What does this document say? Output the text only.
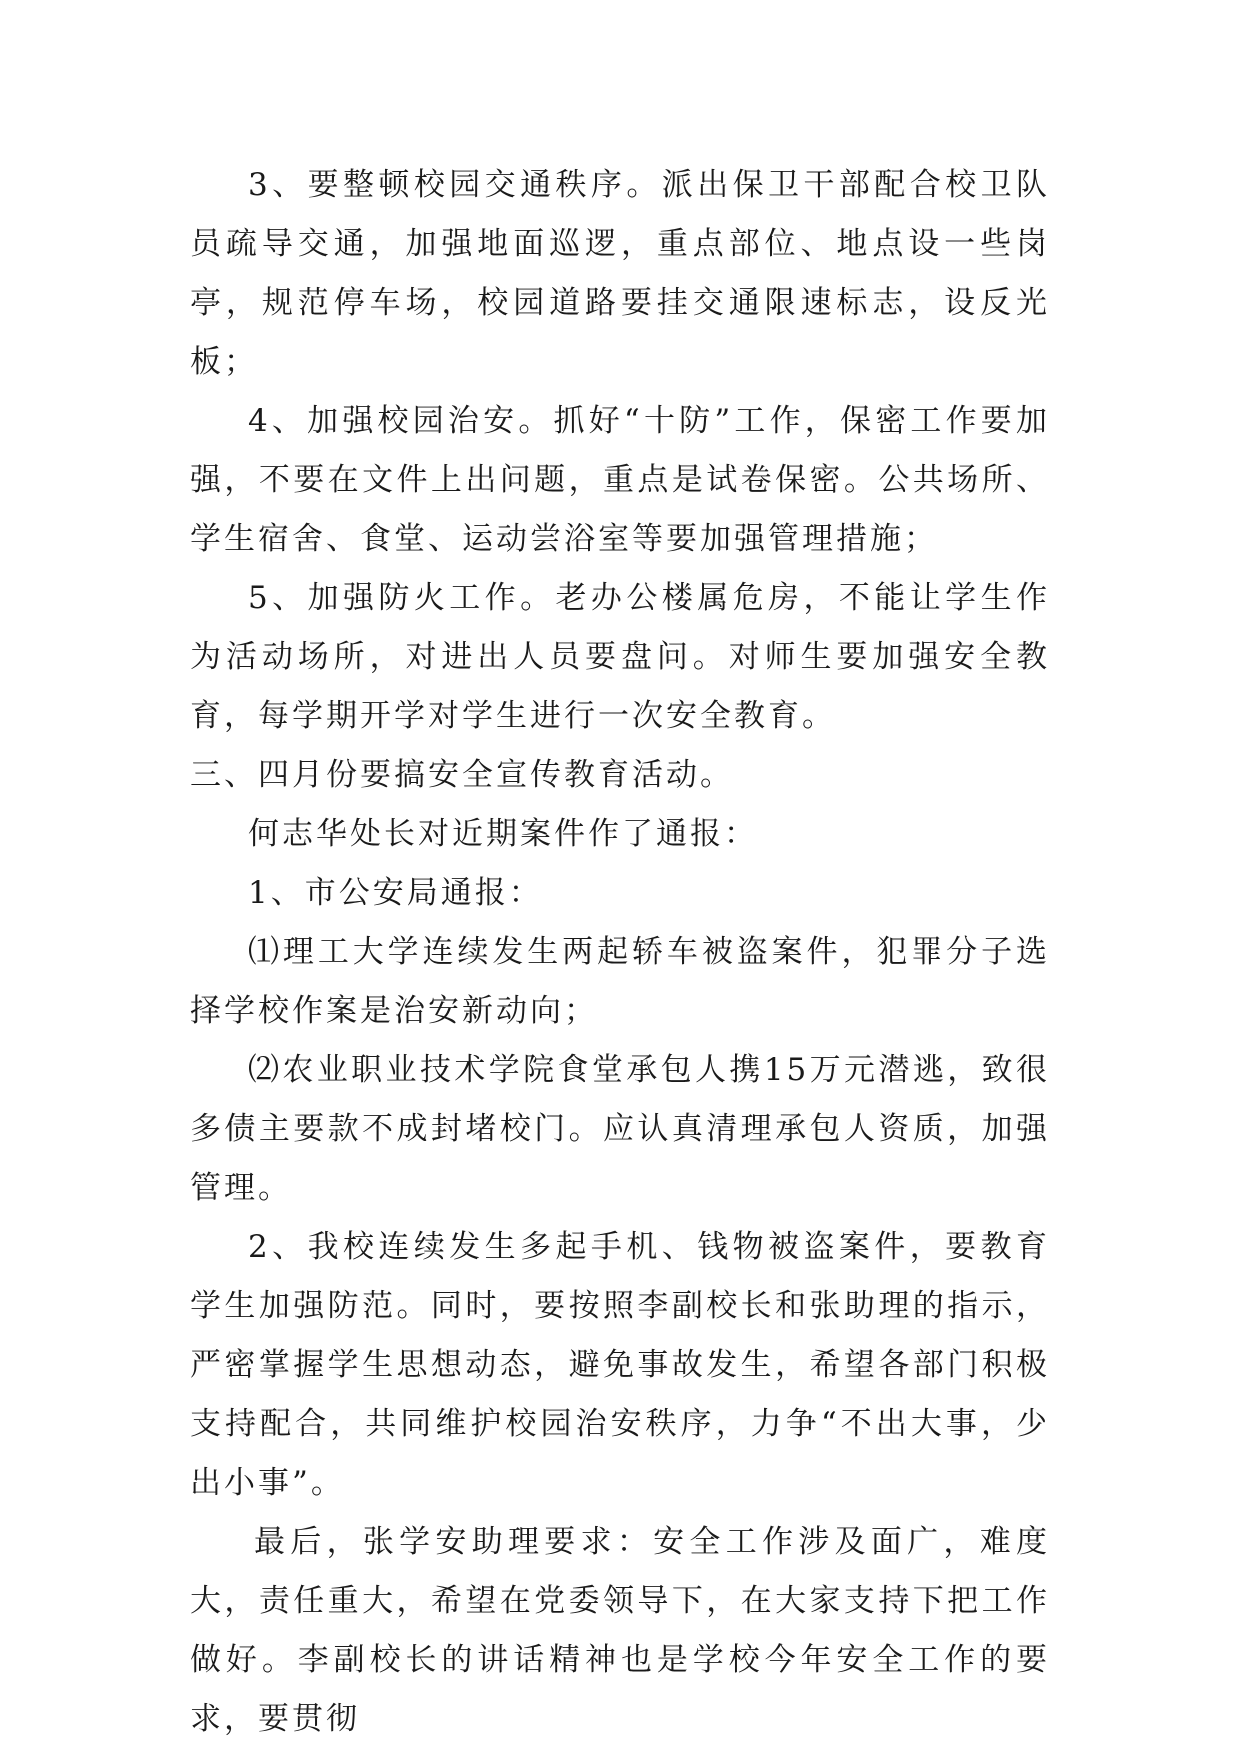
3、要整顿校园交通秩序。派出保卫干部配合校卫队员疏导交通，加强地面巡逻，重点部位、地点设一些岗亭，规范停车场，校园道路要挂交通限速标志，设反光板；

4、加强校园治安。抓好“十防”工作，保密工作要加强，不要在文件上出问题，重点是试卷保密。公共场所、学生宿舍、食堂、运动尝浴室等要加强管理措施；

5、加强防火工作。老办公楼属危房，不能让学生作为活动场所，对进出人员要盘问。对师生要加强安全教育，每学期开学对学生进行一次安全教育。

三、四月份要搞安全宣传教育活动。

何志华处长对近期案件作了通报：

1、市公安局通报：

⑴理工大学连续发生两起轿车被盗案件，犯罪分子选择学校作案是治安新动向；

⑵农业职业技术学院食堂承包人携15万元潜逃，致很多债主要款不成封堵校门。应认真清理承包人资质，加强管理。

2、我校连续发生多起手机、钱物被盗案件，要教育学生加强防范。同时，要按照李副校长和张助理的指示，严密掌握学生思想动态，避免事故发生，希望各部门积极支持配合，共同维护校园治安秩序，力争“不出大事，少出小事”。

最后，张学安助理要求：安全工作涉及面广，难度大，责任重大，希望在党委领导下，在大家支持下把工作做好。李副校长的讲话精神也是学校今年安全工作的要求，要贯彻
